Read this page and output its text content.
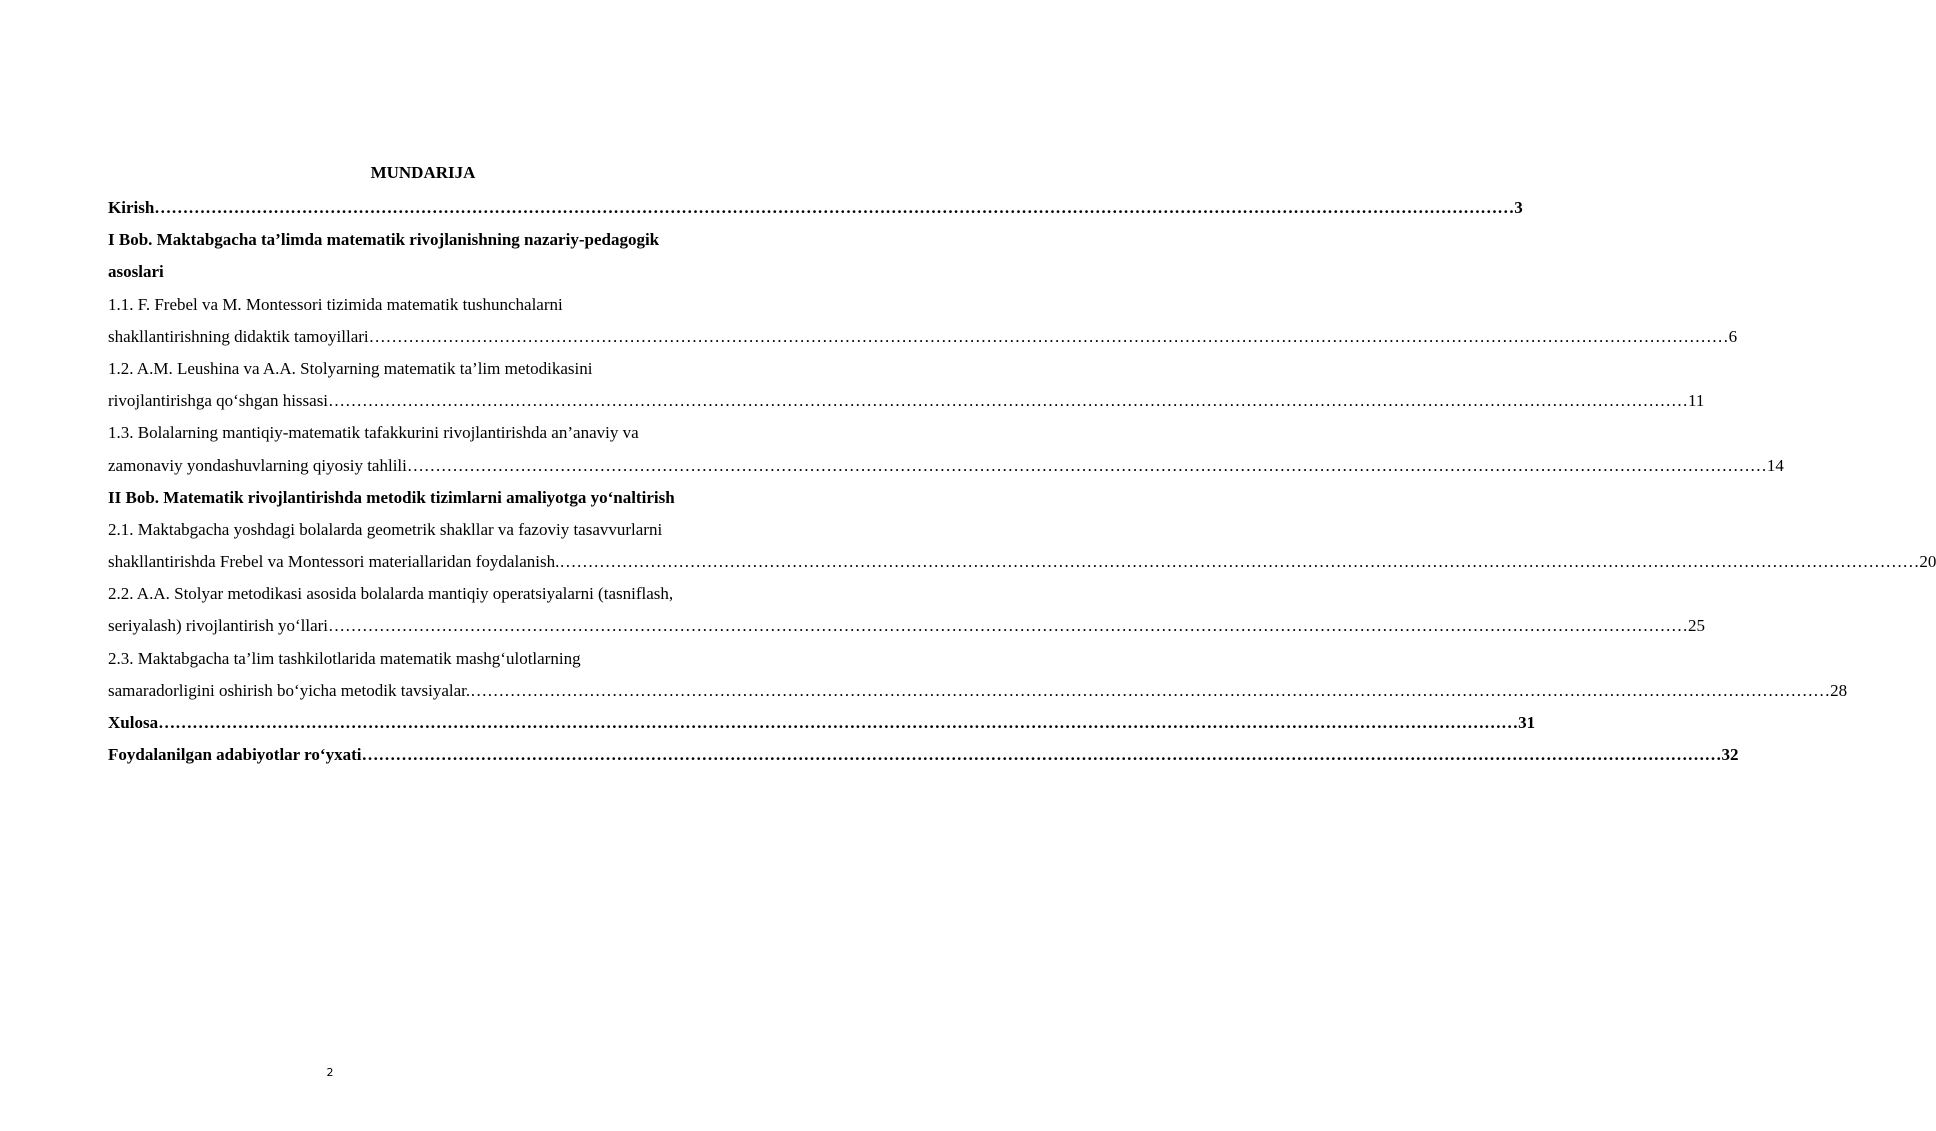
MUNDARIJA
Kirish …………………………………………………………………………………………………………………………………………………………………………………………………………………… 3
I Bob. Maktabgacha ta’limda matematik rivojlanishning nazariy-pedagogik
asoslari
1.1. F. Frebel va M. Montessori tizimida matematik tushunchalarni
shakllantirishning didaktik tamoyillari …………………………………………………………………………………………………………………………………………………………………………………………………………………… 6
1.2. A.M. Leushina va A.A. Stolyarning matematik ta’lim metodikasini
rivojlantirishga qo‘shgan hissasi …………………………………………………………………………………………………………………………………………………………………………………………………………………… 11
1.3. Bolalarning mantiqiy-matematik tafakkurini rivojlantirishda an’anaviy va
zamonaviy yondashuvlarning qiyosiy tahlili …………………………………………………………………………………………………………………………………………………………………………………………………………………… 14
II Bob. Matematik rivojlantirishda metodik tizimlarni amaliyotga yo‘naltirish
2.1. Maktabgacha yoshdagi bolalarda geometrik shakllar va fazoviy tasavvurlarni
shakllantirishda Frebel va Montessori materiallaridan foydalanish. …………………………………………………………………………………………………………………………………………………………………………………………………………………… 20
2.2. A.A. Stolyar metodikasi asosida bolalarda mantiqiy operatsiyalarni (tasniflash,
seriyalash) rivojlantirish yo‘llari …………………………………………………………………………………………………………………………………………………………………………………………………………………… 25
2.3. Maktabgacha ta’lim tashkilotlarida matematik mashg‘ulotlarning
samaradorligini oshirish bo‘yicha metodik tavsiyalar. …………………………………………………………………………………………………………………………………………………………………………………………………………………… 28
Xulosa …………………………………………………………………………………………………………………………………………………………………………………………………………………… 31
Foydalanilgan adabiyotlar ro‘yxati …………………………………………………………………………………………………………………………………………………………………………………………………………………… 32
2
